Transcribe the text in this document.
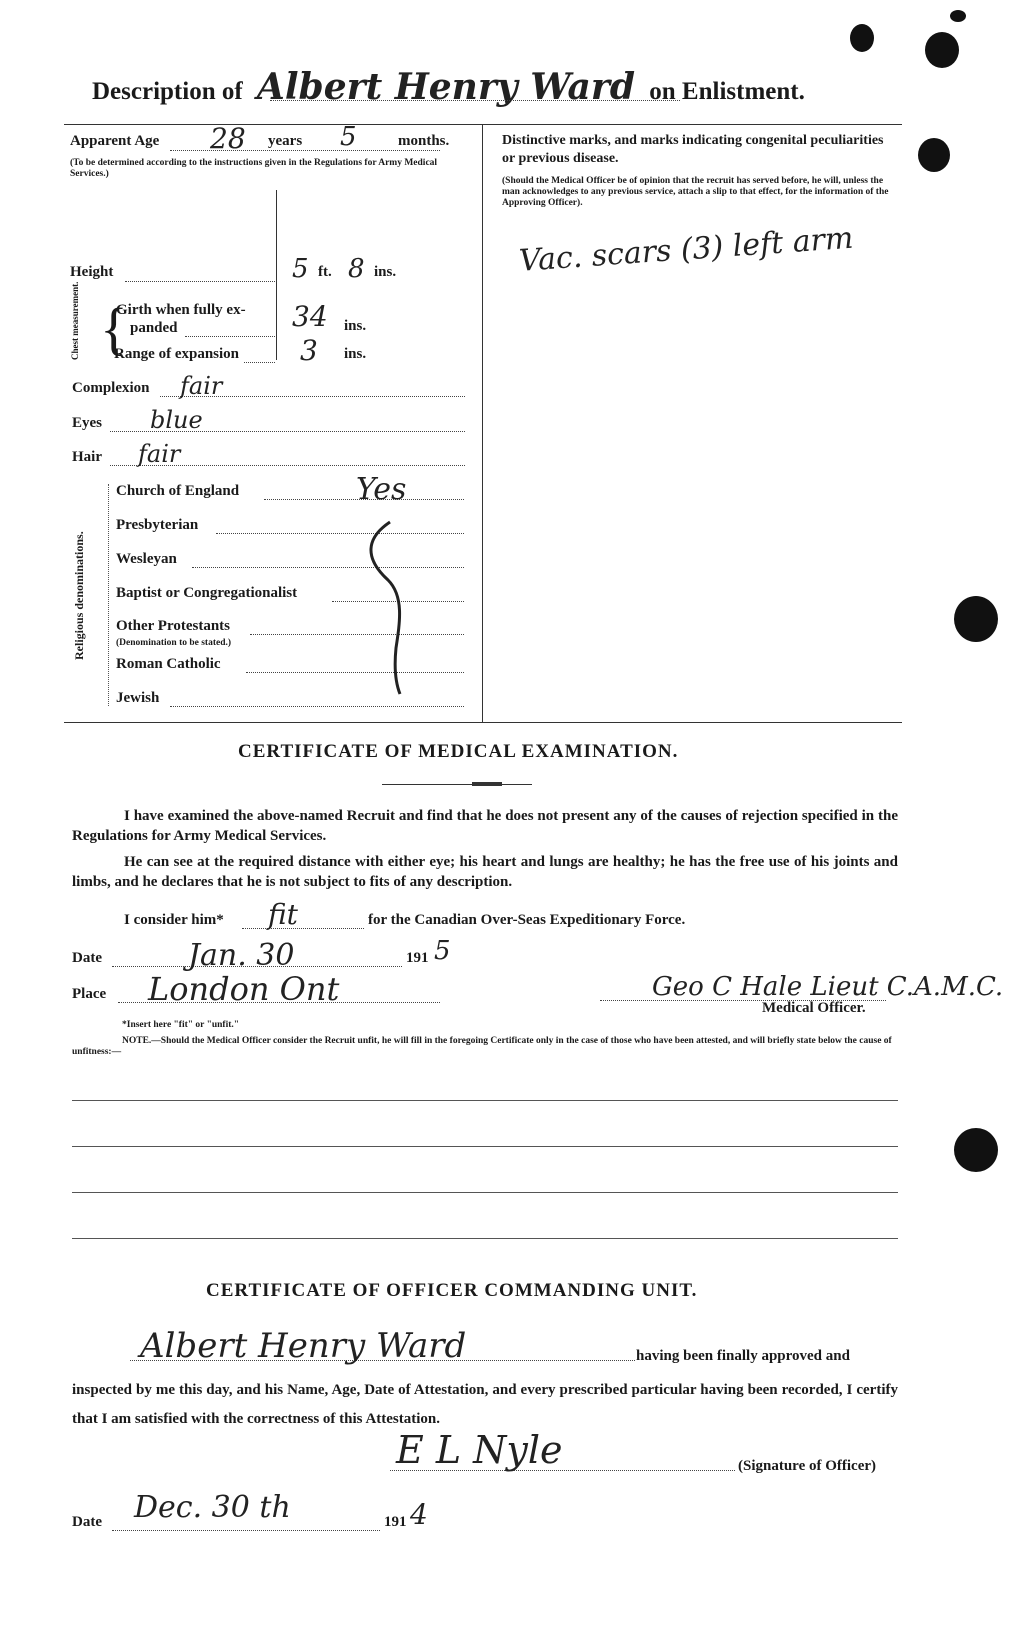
Description of Albert Henry Ward on Enlistment.
Apparent Age 28 years 5	months.
(To be determined according to the instructions given in the Regulations for Army Medical Services.)
Height	5 ft. 8 ins.
Chest measurement. {
Girth when fully ex-
panded	34 ins.
Range of expansion 3 ins.
Complexion fair
Eyes blue
Hair fair
Religious denominations.
Church of England	Yes
Presbyterian
Wesleyan
Baptist or Congregationalist
Other Protestants
(Denomination to be stated.)
Roman Catholic
Jewish
Distinctive marks, and marks indicating congenital peculiarities or previous disease.
(Should the Medical Officer be of opinion that the recruit has served before, he will, unless the man acknowledges to any previous service, attach a slip to that effect, for the information of the Approving Officer).
Vac. scars (3) left arm
CERTIFICATE OF MEDICAL EXAMINATION.
I have examined the above-named Recruit and find that he does not present any of the causes of rejection specified in the Regulations for Army Medical Services.
He can see at the required distance with either eye; his heart and lungs are healthy; he has the free use of his joints and limbs, and he declares that he is not subject to fits of any description.
I consider him* fit	for the Canadian Over-Seas Expeditionary Force.
Date	Jan. 30	191 5
Place London Ont	Geo C Hale Lieut C.A.M.C.
Medical Officer.
*Insert here "fit" or "unfit."
NOTE.—Should the Medical Officer consider the Recruit unfit, he will fill in the foregoing Certificate only in the case of those who have been attested, and will briefly state below the cause of unfitness:—
CERTIFICATE OF OFFICER COMMANDING UNIT.
Albert Henry Ward	having been finally approved and
inspected by me this day, and his Name, Age, Date of Attestation, and every prescribed particular having been recorded, I certify that I am satisfied with the correctness of this Attestation.
E L Nyle	(Signature of Officer)
Date Dec. 30 th	191 4
